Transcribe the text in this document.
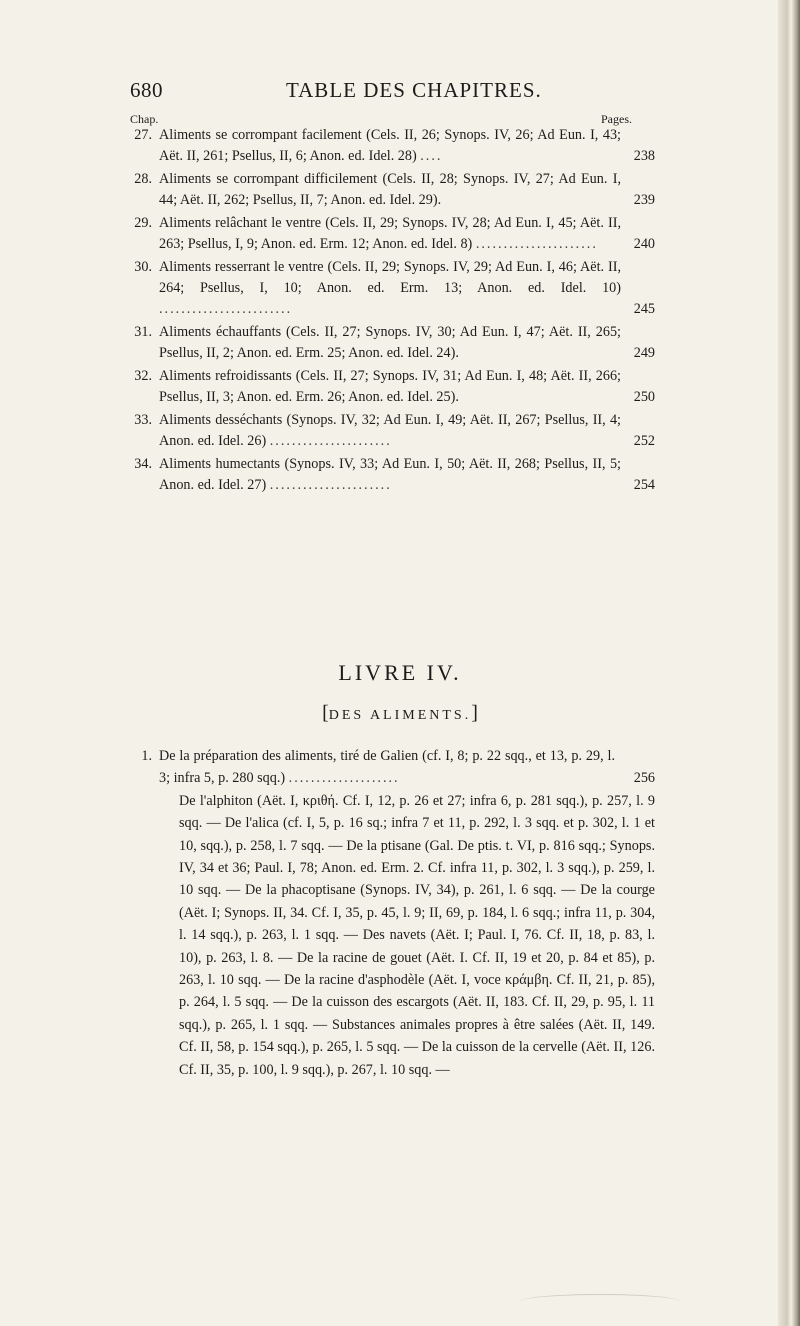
680	TABLE DES CHAPITRES.
Chap.	Pages.
27. Aliments se corrompant facilement (Cels. II, 26; Synops. IV, 26; Ad Eun. I, 43; Aët. II, 261; Psellus, II, 6; Anon. ed. Idel. 28) ....	238
28. Aliments se corrompant difficilement (Cels. II, 28; Synops. IV, 27; Ad Eun. I, 44; Aët. II, 262; Psellus, II, 7; Anon. ed. Idel. 29).	239
29. Aliments relâchant le ventre (Cels. II, 29; Synops. IV, 28; Ad Eun. I, 45; Aët. II, 263; Psellus, I, 9; Anon. ed. Erm. 12; Anon. ed. Idel. 8) ......................	240
30. Aliments resserrant le ventre (Cels. II, 29; Synops. IV, 29; Ad Eun. I, 46; Aët. II, 264; Psellus, I, 10; Anon. ed. Erm. 13; Anon. ed. Idel. 10) ........................	245
31. Aliments échauffants (Cels. II, 27; Synops. IV, 30; Ad Eun. I, 47; Aët. II, 265; Psellus, II, 2; Anon. ed. Erm. 25; Anon. ed. Idel. 24).	249
32. Aliments refroidissants (Cels. II, 27; Synops. IV, 31; Ad Eun. I, 48; Aët. II, 266; Psellus, II, 3; Anon. ed. Erm. 26; Anon. ed. Idel. 25).	250
33. Aliments desséchants (Synops. IV, 32; Ad Eun. I, 49; Aët. II, 267; Psellus, II, 4; Anon. ed. Idel. 26) ......................	252
34. Aliments humectants (Synops. IV, 33; Ad Eun. I, 50; Aët. II, 268; Psellus, II, 5; Anon. ed. Idel. 27) ......................	254
LIVRE IV.
[DES ALIMENTS.]
1. De la préparation des aliments, tiré de Galien (cf. I, 8; p. 22 sqq., et 13, p. 29, l. 3; infra 5, p. 280 sqq.) ....................	256
De l'alphiton (Aët. I, κριθή. Cf. I, 12, p. 26 et 27; infra 6, p. 281 sqq.), p. 257, l. 9 sqq. — De l'alica (cf. I, 5, p. 16 sq.; infra 7 et 11, p. 292, l. 3 sqq. et p. 302, l. 1 et 10, sqq.), p. 258, l. 7 sqq. — De la ptisane (Gal. De ptis. t. VI, p. 816 sqq.; Synops. IV, 34 et 36; Paul. I, 78; Anon. ed. Erm. 2. Cf. infra 11, p. 302, l. 3 sqq.), p. 259, l. 10 sqq. — De la phacoptisane (Synops. IV, 34), p. 261, l. 6 sqq. — De la courge (Aët. I; Synops. II, 34. Cf. I, 35, p. 45, l. 9; II, 69, p. 184, l. 6 sqq.; infra 11, p. 304, l. 14 sqq.), p. 263, l. 1 sqq. — Des navets (Aët. I; Paul. I, 76. Cf. II, 18, p. 83, l. 10), p. 263, l. 8. — De la racine de gouet (Aët. I. Cf. II, 19 et 20, p. 84 et 85), p. 263, l. 10 sqq. — De la racine d'asphodèle (Aët. I, voce κράμβη. Cf. II, 21, p. 85), p. 264, l. 5 sqq. — De la cuisson des escargots (Aët. II, 183. Cf. II, 29, p. 95, l. 11 sqq.), p. 265, l. 1 sqq. — Substances animales propres à être salées (Aët. II, 149. Cf. II, 58, p. 154 sqq.), p. 265, l. 5 sqq. — De la cuisson de la cervelle (Aët. II, 126. Cf. II, 35, p. 100, l. 9 sqq.), p. 267, l. 10 sqq. —
